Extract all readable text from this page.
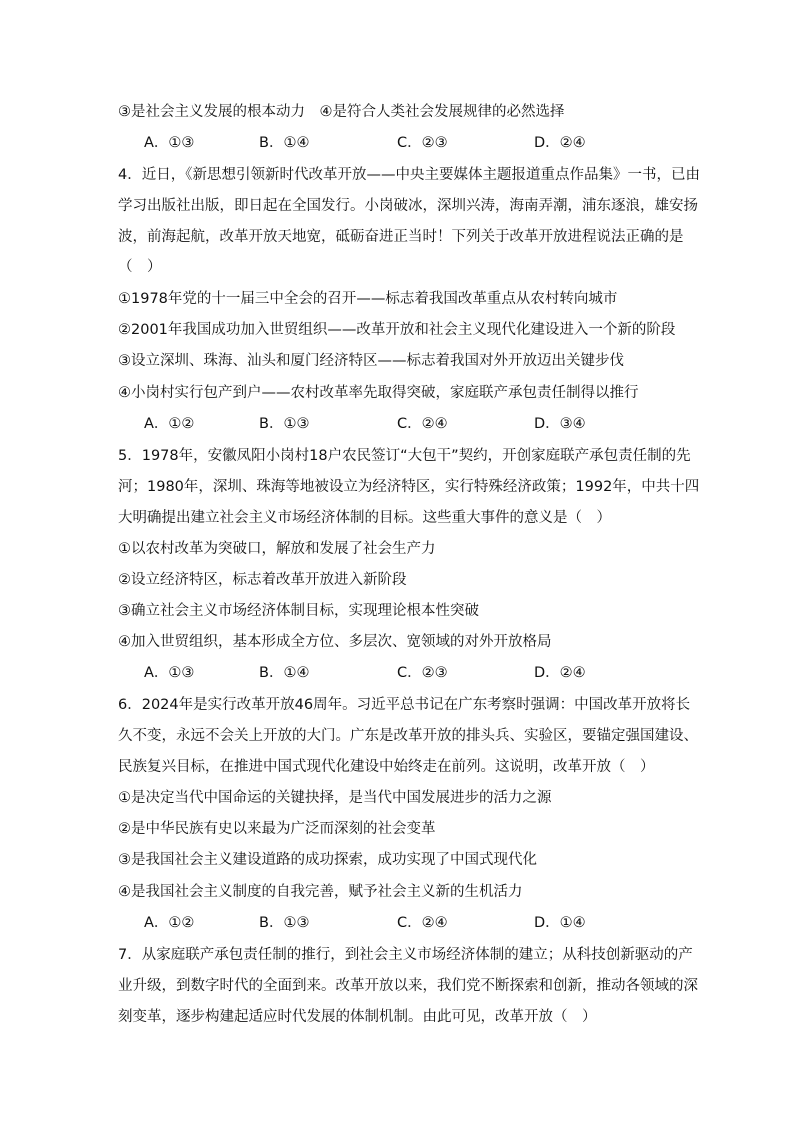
③是社会主义发展的根本动力　④是符合人类社会发展规律的必然选择
A．①③	B．①④	C．②③	D．②④
4．近日，《新思想引领新时代改革开放——中央主要媒体主题报道重点作品集》一书，已由
学习出版社出版，即日起在全国发行。小岗破冰，深圳兴涛，海南弄潮，浦东逐浪，雄安扬
波，前海起航，改革开放天地宽，砥砺奋进正当时！下列关于改革开放进程说法正确的是
（　）
①1978年党的十一届三中全会的召开——标志着我国改革重点从农村转向城市
②2001年我国成功加入世贸组织——改革开放和社会主义现代化建设进入一个新的阶段
③设立深圳、珠海、汕头和厦门经济特区——标志着我国对外开放迈出关键步伐
④小岗村实行包产到户——农村改革率先取得突破，家庭联产承包责任制得以推行
A．①②	B．①③	C．②④	D．③④
5．1978年，安徽凤阳小岗村18户农民签订“大包干”契约，开创家庭联产承包责任制的先
河；1980年，深圳、珠海等地被设立为经济特区，实行特殊经济政策；1992年，中共十四
大明确提出建立社会主义市场经济体制的目标。这些重大事件的意义是（　）
①以农村改革为突破口，解放和发展了社会生产力
②设立经济特区，标志着改革开放进入新阶段
③确立社会主义市场经济体制目标，实现理论根本性突破
④加入世贸组织，基本形成全方位、多层次、宽领域的对外开放格局
A．①③	B．①④	C．②③	D．②④
6．2024年是实行改革开放46周年。习近平总书记在广东考察时强调：中国改革开放将长
久不变，永远不会关上开放的大门。广东是改革开放的排头兵、实验区，要锚定强国建设、
民族复兴目标，在推进中国式现代化建设中始终走在前列。这说明，改革开放（　）
①是决定当代中国命运的关键抉择，是当代中国发展进步的活力之源
②是中华民族有史以来最为广泛而深刻的社会变革
③是我国社会主义建设道路的成功探索，成功实现了中国式现代化
④是我国社会主义制度的自我完善，赋予社会主义新的生机活力
A．①②	B．①③	C．②④	D．①④
7．从家庭联产承包责任制的推行，到社会主义市场经济体制的建立；从科技创新驱动的产
业升级，到数字时代的全面到来。改革开放以来，我们党不断探索和创新，推动各领域的深
刻变革，逐步构建起适应时代发展的体制机制。由此可见，改革开放（　）
